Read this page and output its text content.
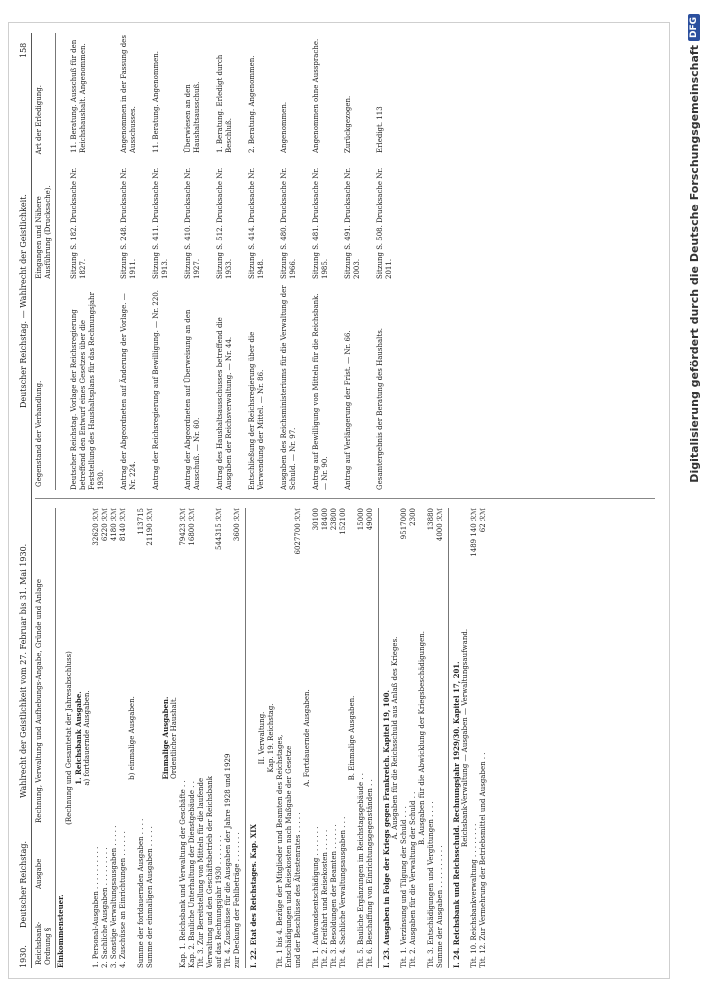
1930.
Deutscher Reichstag.
Wahlrecht der Geistlichkeit vom 27. Februar bis 31. Mai 1930.
Deutscher Reichstag. — Wahlrecht der Geistlichkeit.
158
Reichsbank-Ordnung §
Ausgabe
Rechnung, Verwaltung und Aufhebungs-Angabe, Gründe und Anlage
Einkommensteuer.
(Rechnung und Gesamtetat der Jahresabschluss) 1. Reichsbank Ausgabe. a) fortdauernde Ausgaben.
1. Personal-Ausgaben . . . . . . . . . .
32620 ℛℳ
2. Sachliche Ausgaben . . . . . . . . .
6220 ℛℳ
3. Sonstige Verwaltungsausgaben . . . . .
4180 ℛℳ
4. Zuschüsse an Einrichtungen . . . . . .
8140 ℛℳ
b) einmalige Ausgaben.
Summe der fortdauernden Ausgaben . . . .
113715
Summe der einmaligen Ausgaben . . . . .
21190 ℛℳ
Einmalige Ausgaben. Ordentlicher Haushalt.
Kap. 1. Reichsbank und Verwaltung der Geschäfte . .
79423 ℛℳ
Kap. 2. Bauliche Unterhaltung der Dienstgebäude . .
16800 ℛℳ
Tit. 3. Zur Bereitstellung von Mitteln für die laufende Verwaltung und den Geschäftsbetrieb der Reichsbank auf das Rechnungsjahr 1930 . . . . . . .
544315 ℛℳ
Tit. 4. Zuschüsse für die Ausgaben der Jahre 1928 und 1929 zur Deckung der Fehlbeträge . . . . . . .
3600 ℛℳ
I. 22. Etat des Reichstages. Kap. XIX
II. Verwaltung. Kap. 19. Reichstag. Tit. 1 bis 4. Bezüge der Mitglieder und Beamten des Reichstages, Entschädigungen und Reisekosten nach Maßgabe der Gesetze und der Beschlüsse des Ältestenrates . . . . .
6027700 ℛℳ
A. Fortdauernde Ausgaben.
Tit. 1. Aufwandsentschädigung . . . . . . .
30100
Tit. 2. Freifahrt und Reisekosten . . . . .
18400
Tit. 3. Besoldungen der Beamten . . . . . .
23800
Tit. 4. Sachliche Verwaltungsausgaben . . .
152100
B. Einmalige Ausgaben.
Tit. 5. Bauliche Ergänzungen im Reichstagsgebäude . .
15000
Tit. 6. Beschaffung von Einrichtungsgegenständen . .
49000
I. 23. Ausgaben in Folge der Kriegs gegen Frankreich. Kapitel 19, 100. A. Ausgaben für die Reichsschuld aus Anlaß des Krieges.
Tit. 1. Verzinsung und Tilgung der Schuld . . .
9517000
Tit. 2. Ausgaben für die Verwaltung der Schuld . .
2300
B. Ausgaben für die Abwicklung der Kriegsbeschädigungen.
Tit. 3. Entschädigungen und Vergütungen . . . .
13880
Summe der Ausgaben . . . . . . . . . .
4000 ℛℳ
I. 24. Reichsbank und Reichsschuld. Rechnungsjahr 1929/30. Kapitel 17, 201. Reichsbank-Verwaltung — Ausgaben — Verwaltungsaufwand.
Tit. 10. Reichsbankverwaltung . . . . . . . .
1489 140 ℛℳ
Tit. 12. Zur Vermehrung der Betriebsmittel und Ausgaben . .
62 ℛℳ
Gegenstand der Verhandlung.
Eingangen und Nähere Ausführung (Drucksache).
Art der Erledigung.
Deutscher Reichstag. Vorlage der Reichsregierung betreffend den Entwurf eines Gesetzes über die Feststellung des Haushaltsplans für das Rechnungsjahr 1930.
Sitzung S. 182. Drucksache Nr. 1827.
11. Beratung. Ausschuß für den Reichshaushalt. Angenommen.
Antrag der Abgeordneten auf Änderung der Vorlage. — Nr. 224.
Sitzung S. 248. Drucksache Nr. 1911.
Angenommen in der Fassung des Ausschusses.
Antrag der Reichsregierung auf Bewilligung. — Nr. 220.
Sitzung S. 411. Drucksache Nr. 1913.
11. Beratung. Angenommen.
Antrag der Abgeordneten auf Überweisung an den Ausschuß. — Nr. 60.
Sitzung S. 410. Drucksache Nr. 1927.
Überwiesen an den Haushaltsausschuß.
Antrag des Haushaltsausschusses betreffend die Ausgaben der Reichsverwaltung. — Nr. 44.
Sitzung S. 512. Drucksache Nr. 1933.
1. Beratung. Erledigt durch Beschluß.
Entschließung der Reichsregierung über die Verwendung der Mittel. — Nr. 86.
Sitzung S. 414. Drucksache Nr. 1948.
2. Beratung. Angenommen.
Ausgaben des Reichsministeriums für die Verwaltung der Schuld. — Nr. 97.
Sitzung S. 480. Drucksache Nr. 1966.
Angenommen.
Antrag auf Bewilligung von Mitteln für die Reichsbank. — Nr. 90.
Sitzung S. 481. Drucksache Nr. 1985.
Angenommen ohne Aussprache.
Antrag auf Verlängerung der Frist. — Nr. 66.
Sitzung S. 491. Drucksache Nr. 2003.
Zurückgezogen.
Gesamtergebnis der Beratung des Haushalts.
Sitzung S. 508. Drucksache Nr. 2011.
Erledigt. 113	Digitalisierung gefördert durch die Deutsche Forschungsgemeinschaft
DFG
